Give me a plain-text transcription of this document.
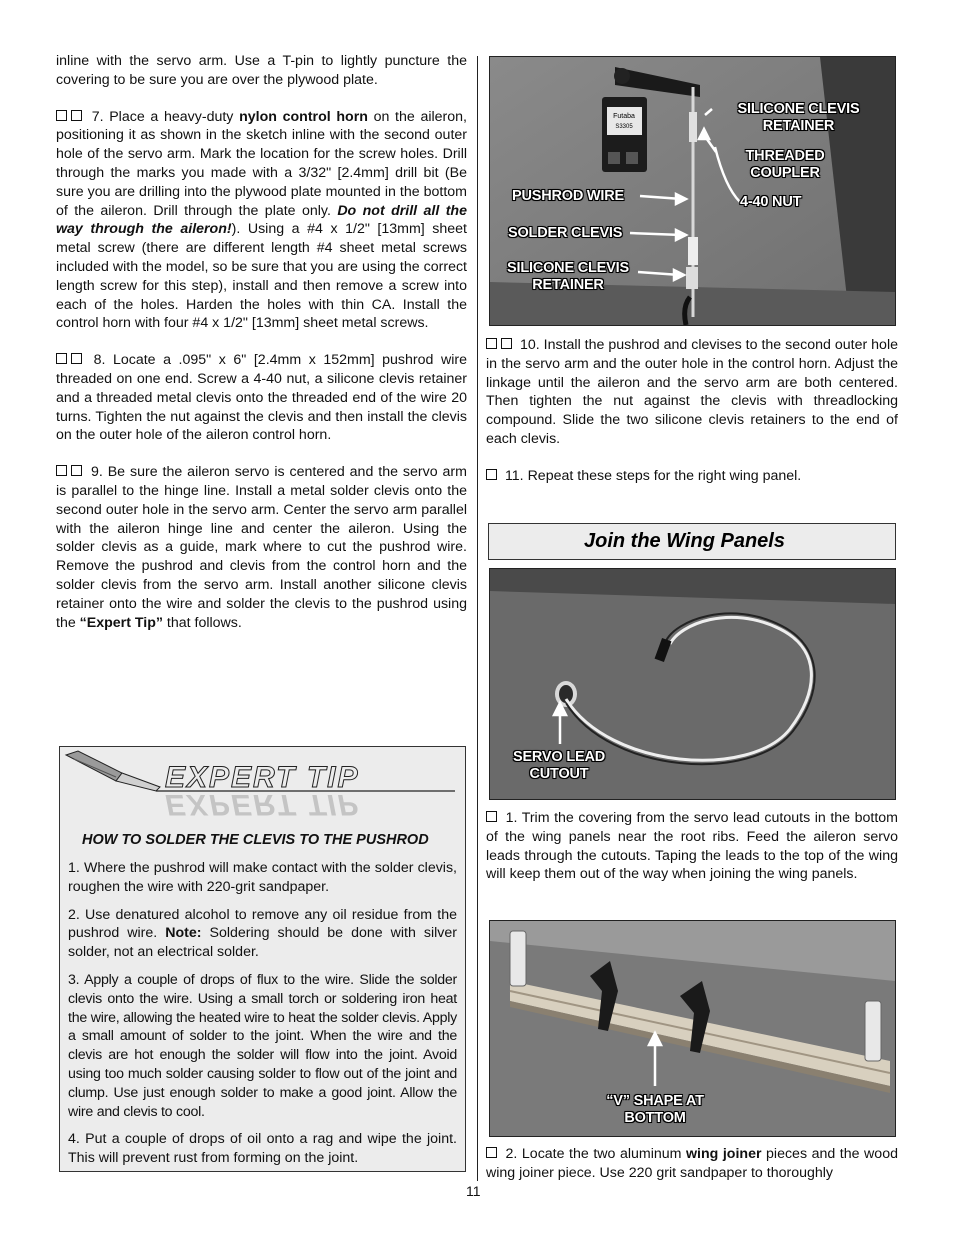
inline with the servo arm. Use a T-pin to lightly puncture the covering to be sure you are over the plywood plate.

7. Place a heavy-duty nylon control horn on the aileron, positioning it as shown in the sketch inline with the second outer hole of the servo arm. Mark the location for the screw holes. Drill through the marks you made with a 3/32" [2.4mm] drill bit (Be sure you are drilling into the plywood plate mounted in the bottom of the aileron. Drill through the plate only. Do not drill all the way through the aileron!). Using a #4 x 1/2" [13mm] sheet metal screw (there are different length #4 sheet metal screws included with the model, so be sure that you are using the correct length screw for this step), install and then remove a screw into each of the holes. Harden the holes with thin CA. Install the control horn with four #4 x 1/2" [13mm] sheet metal screws.

8. Locate a .095" x 6" [2.4mm x 152mm] pushrod wire threaded on one end. Screw a 4-40 nut, a silicone clevis retainer and a threaded metal clevis onto the threaded end of the wire 20 turns. Tighten the nut against the clevis and then install the clevis on the outer hole of the aileron control horn.

9. Be sure the aileron servo is centered and the servo arm is parallel to the hinge line. Install a metal solder clevis onto the second outer hole in the servo arm. Center the servo arm parallel with the aileron hinge line and center the aileron. Using the solder clevis as a guide, mark where to cut the pushrod wire. Remove the pushrod and clevis from the control horn and the solder clevis from the servo arm. Install another silicone clevis retainer onto the wire and solder the clevis to the pushrod using the “Expert Tip” that follows.

EXPERT TIP
EXPERT TIP
HOW TO SOLDER THE CLEVIS TO THE PUSHROD

1. Where the pushrod will make contact with the solder clevis, roughen the wire with 220-grit sandpaper.

2. Use denatured alcohol to remove any oil residue from the pushrod wire. Note: Soldering should be done with silver solder, not an electrical solder.

3. Apply a couple of drops of flux to the wire. Slide the solder clevis onto the wire. Using a small torch or soldering iron heat the wire, allowing the heated wire to heat the solder clevis. Apply a small amount of solder to the joint. When the wire and the clevis are hot enough the solder will flow into the joint. Avoid using too much solder causing solder to flow out of the joint and clump. Use just enough solder to make a good joint. Allow the wire and clevis to cool.

4. Put a couple of drops of oil onto a rag and wipe the joint. This will prevent rust from forming on the joint.

Futaba
S3305
SILICONE CLEVIS RETAINER
THREADED COUPLER
4-40 NUT
PUSHROD WIRE
SOLDER CLEVIS
SILICONE CLEVIS RETAINER

10. Install the pushrod and clevises to the second outer hole in the servo arm and the outer hole in the control horn. Adjust the linkage until the aileron and the servo arm are both centered. Then tighten the nut against the clevis with threadlocking compound. Slide the two silicone clevis retainers to the end of each clevis.

11. Repeat these steps for the right wing panel.

Join the Wing Panels
SERVO LEAD CUTOUT

1. Trim the covering from the servo lead cutouts in the bottom of the wing panels near the root ribs. Feed the aileron servo leads through the cutouts. Taping the leads to the top of the wing will keep them out of the way when joining the wing panels.

“V” SHAPE AT BOTTOM

2. Locate the two aluminum wing joiner pieces and the wood wing joiner piece. Use 220 grit sandpaper to thoroughly

11
